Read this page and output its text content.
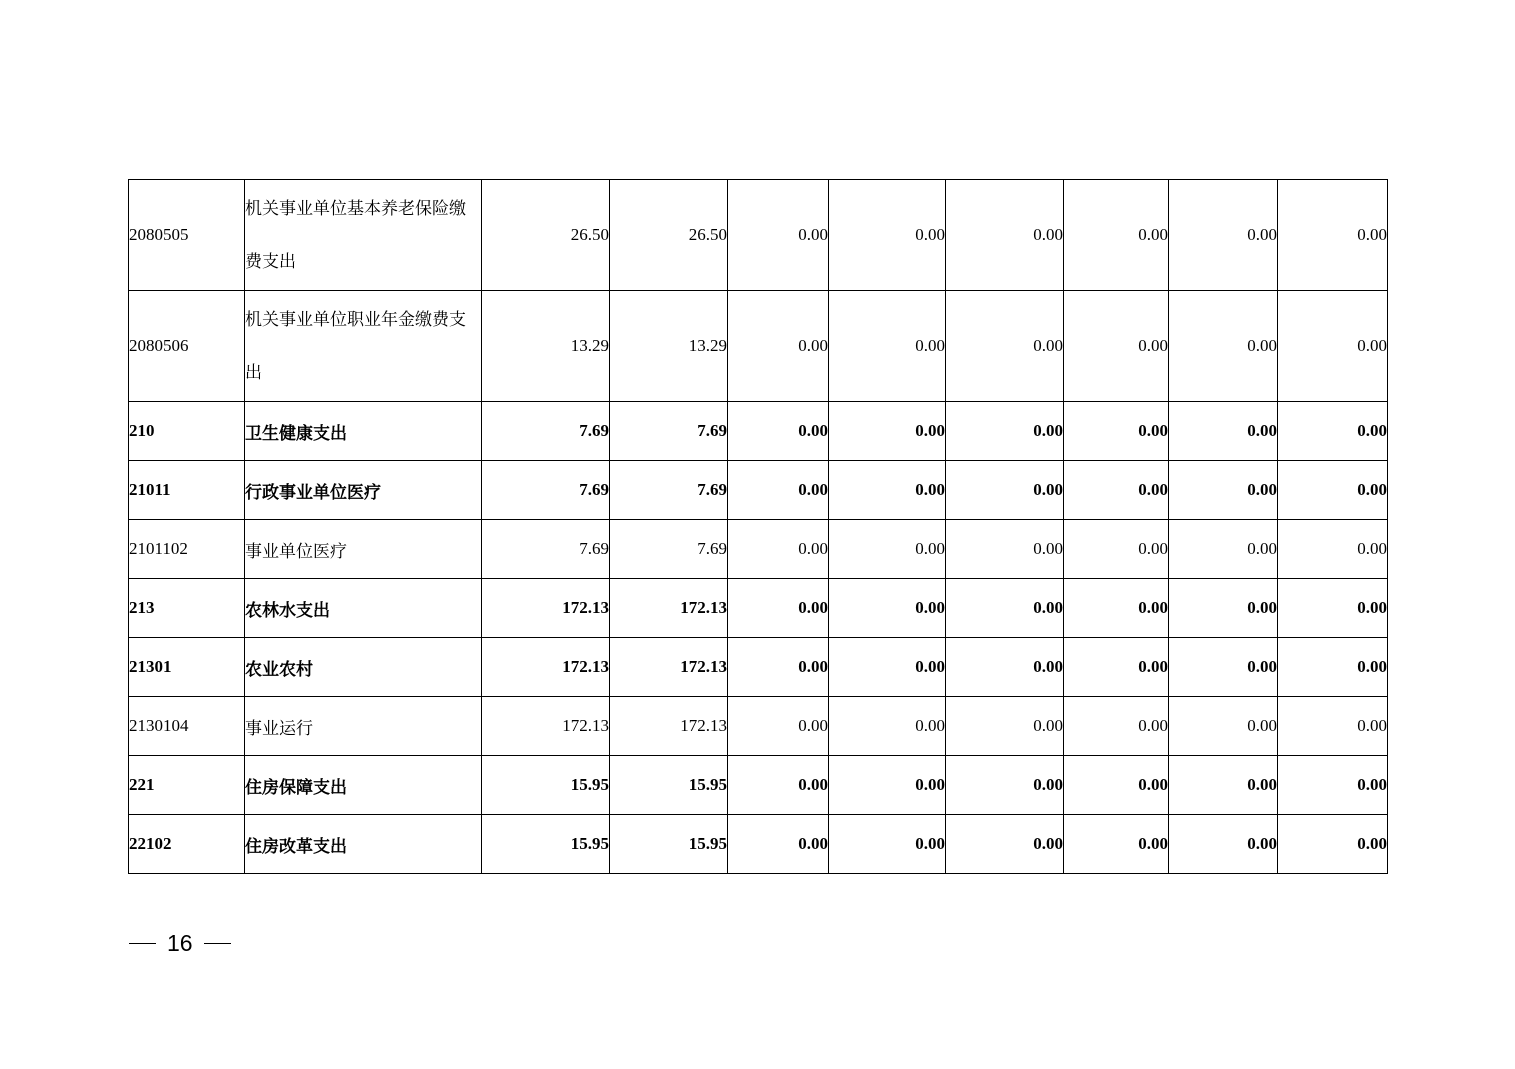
2080505	机关事业单位基本养老保险缴费支出	26.50	26.50	0.00	0.00	0.00	0.00	0.00	0.00
2080506	机关事业单位职业年金缴费支出	13.29	13.29	0.00	0.00	0.00	0.00	0.00	0.00
210	卫生健康支出	7.69	7.69	0.00	0.00	0.00	0.00	0.00	0.00
21011	行政事业单位医疗	7.69	7.69	0.00	0.00	0.00	0.00	0.00	0.00
2101102	事业单位医疗	7.69	7.69	0.00	0.00	0.00	0.00	0.00	0.00
213	农林水支出	172.13	172.13	0.00	0.00	0.00	0.00	0.00	0.00
21301	农业农村	172.13	172.13	0.00	0.00	0.00	0.00	0.00	0.00
2130104	事业运行	172.13	172.13	0.00	0.00	0.00	0.00	0.00	0.00
221	住房保障支出	15.95	15.95	0.00	0.00	0.00	0.00	0.00	0.00
22102	住房改革支出	15.95	15.95	0.00	0.00	0.00	0.00	0.00	0.00
16
